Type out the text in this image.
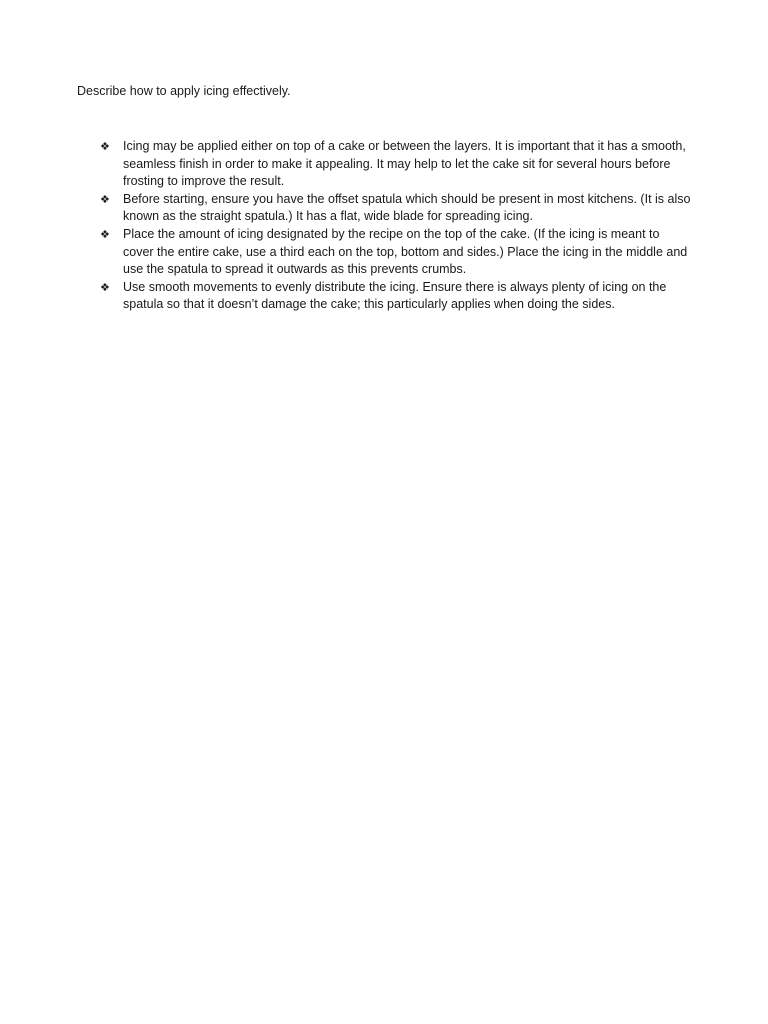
Describe how to apply icing effectively.

❖	Icing may be applied either on top of a cake or between the layers. It is important that it has a smooth, seamless finish in order to make it appealing. It may help to let the cake sit for several hours before frosting to improve the result.
❖	Before starting, ensure you have the offset spatula which should be present in most kitchens. (It is also known as the straight spatula.) It has a flat, wide blade for spreading icing.
❖	Place the amount of icing designated by the recipe on the top of the cake. (If the icing is meant to cover the entire cake, use a third each on the top, bottom and sides.) Place the icing in the middle and use the spatula to spread it outwards as this prevents crumbs.
❖	Use smooth movements to evenly distribute the icing. Ensure there is always plenty of icing on the spatula so that it doesn’t damage the cake; this particularly applies when doing the sides.
